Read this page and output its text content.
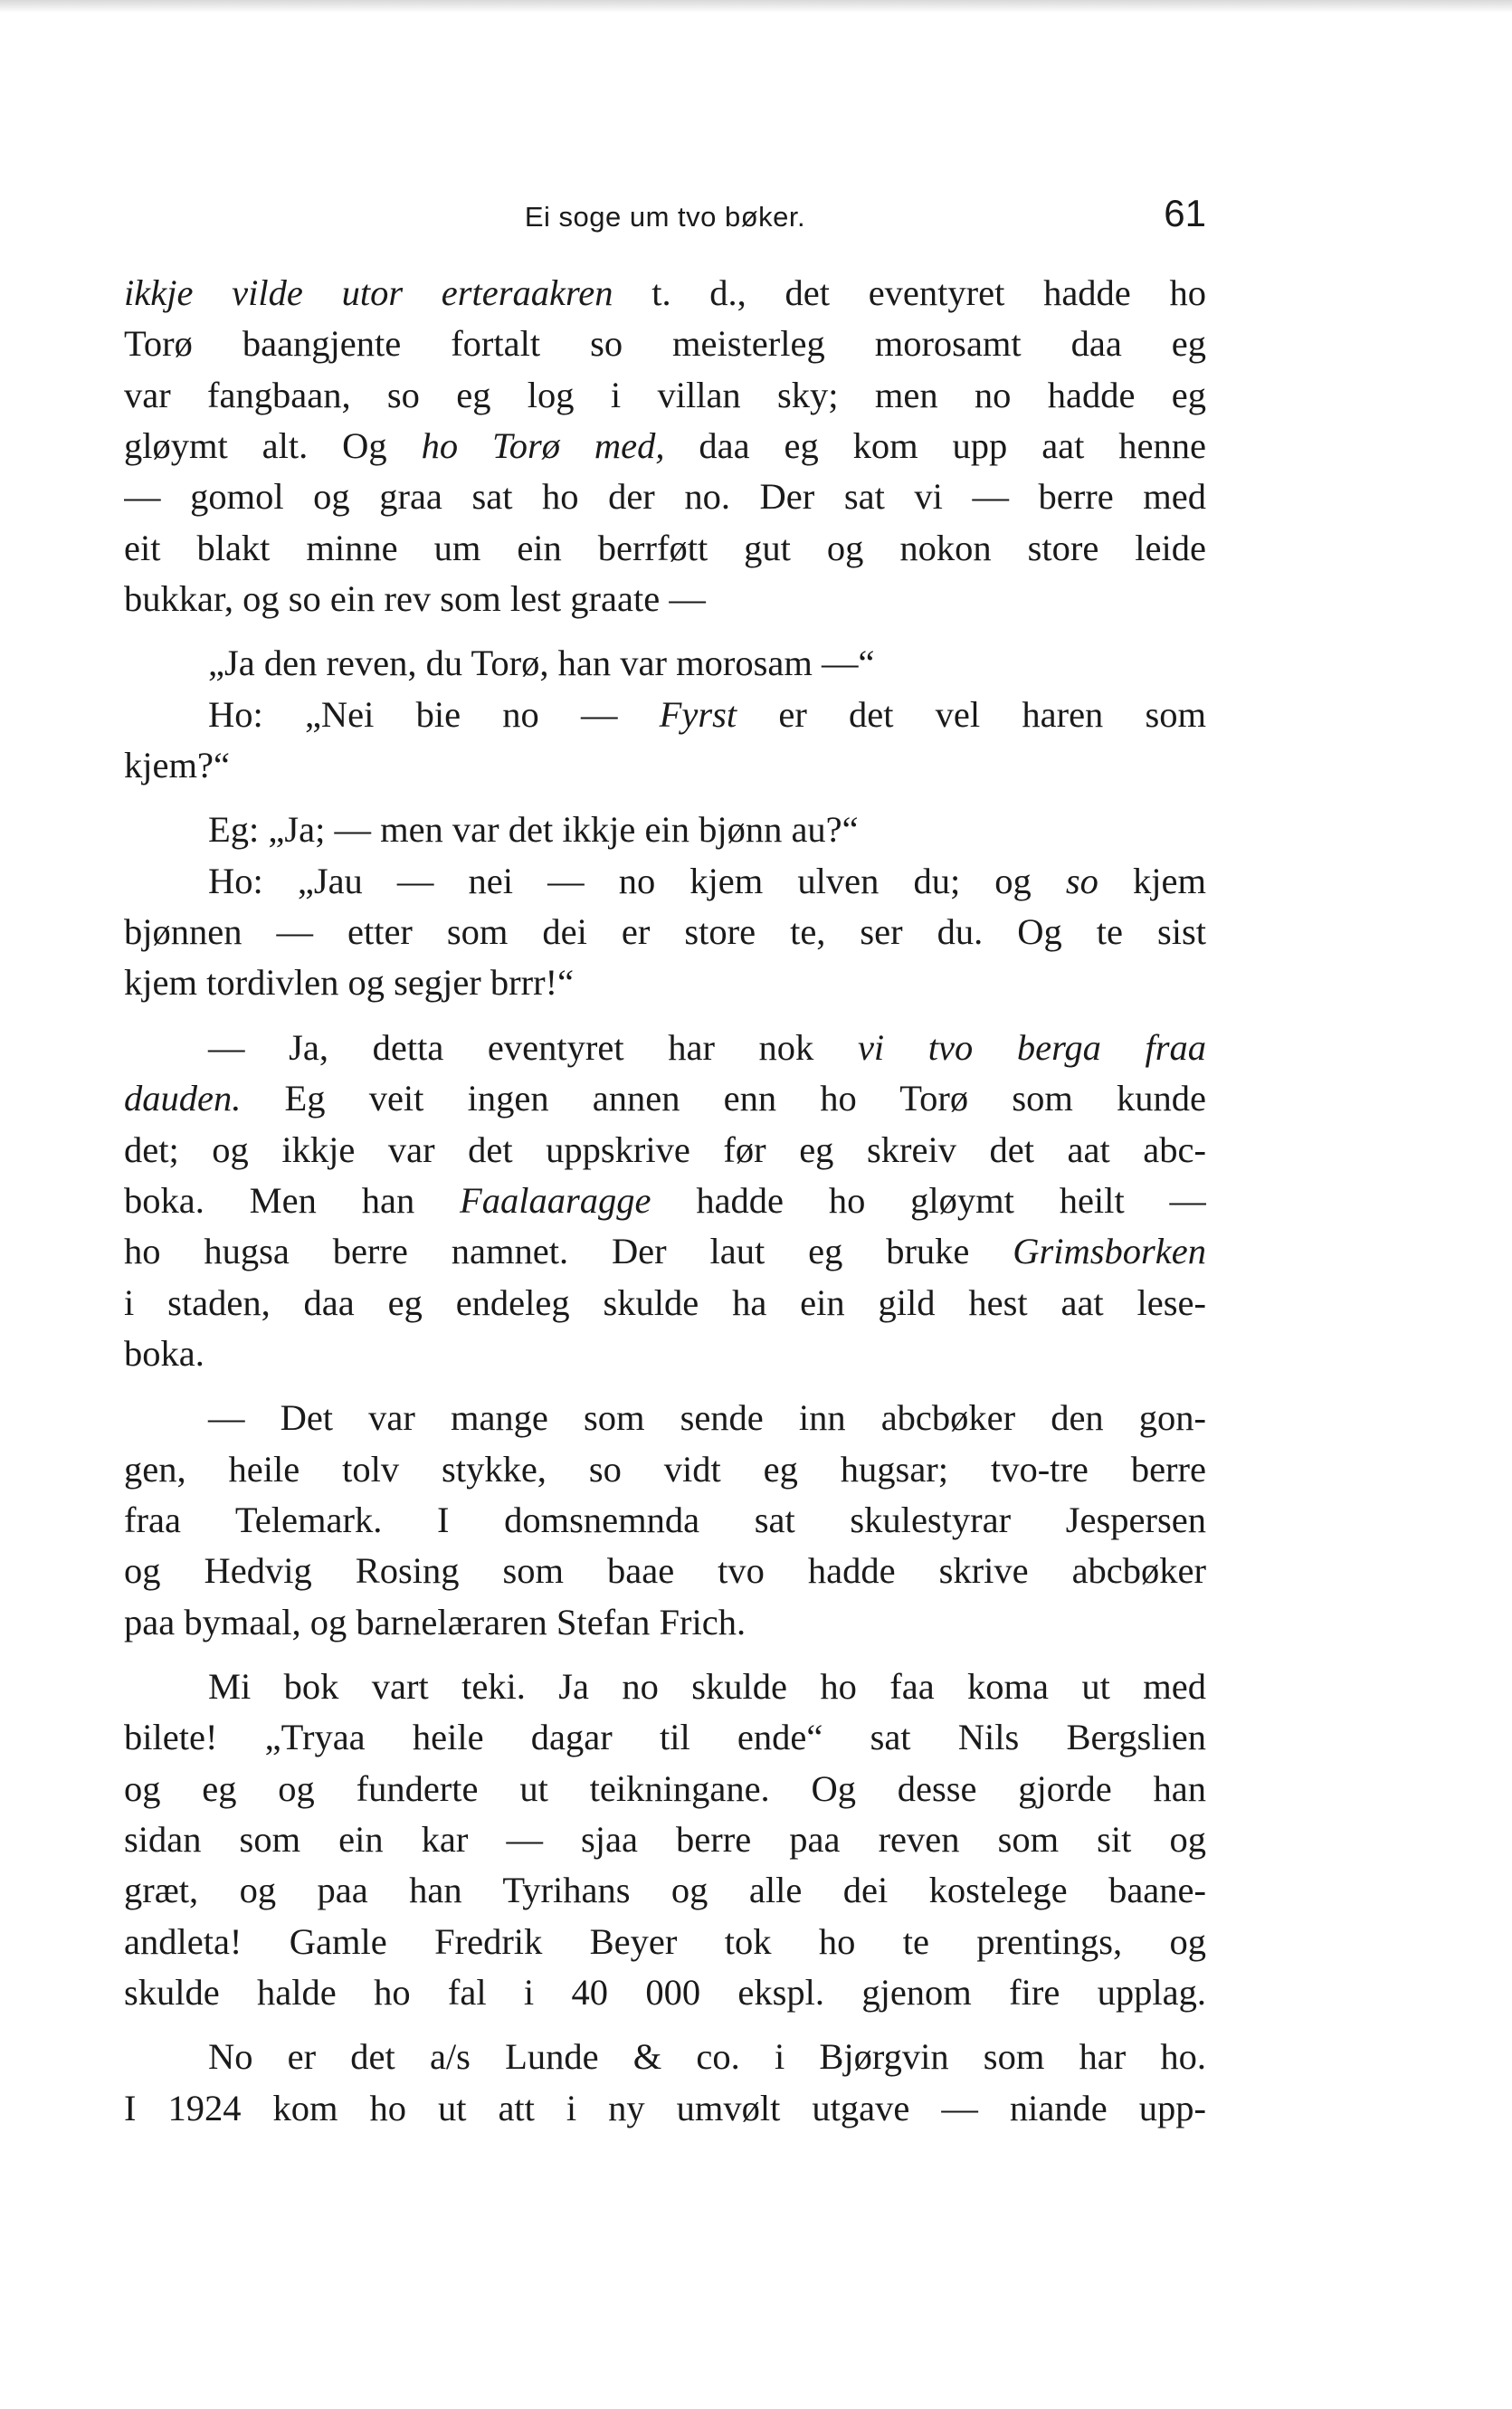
Ei soge um tvo bøker.	61
ikkje vilde utor erteraakren t. d., det eventyret hadde ho
Torø baangjente fortalt so meisterleg morosamt daa eg
var fangbaan, so eg log i villan sky; men no hadde eg
gløymt alt. Og ho Torø med, daa eg kom upp aat henne
— gomol og graa sat ho der no. Der sat vi — berre med
eit blakt minne um ein berrføtt gut og nokon store leide
bukkar, og so ein rev som lest graate —
„Ja den reven, du Torø, han var morosam —“
Ho: „Nei bie no — Fyrst er det vel haren som
kjem?“
Eg: „Ja; — men var det ikkje ein bjønn au?“
Ho: „Jau — nei — no kjem ulven du; og so kjem
bjønnen — etter som dei er store te, ser du. Og te sist
kjem tordivlen og segjer brrr!“
— Ja, detta eventyret har nok vi tvo berga fraa
dauden. Eg veit ingen annen enn ho Torø som kunde
det; og ikkje var det uppskrive før eg skreiv det aat abc-
boka. Men han Faalaaragge hadde ho gløymt heilt —
ho hugsa berre namnet. Der laut eg bruke Grimsborken
i staden, daa eg endeleg skulde ha ein gild hest aat lese-
boka.
— Det var mange som sende inn abcbøker den gon-
gen, heile tolv stykke, so vidt eg hugsar; tvo-tre berre
fraa Telemark. I domsnemnda sat skulestyrar Jespersen
og Hedvig Rosing som baae tvo hadde skrive abcbøker
paa bymaal, og barnelæraren Stefan Frich.
Mi bok vart teki. Ja no skulde ho faa koma ut med
bilete! „Tryaa heile dagar til ende“ sat Nils Bergslien
og eg og funderte ut teikningane. Og desse gjorde han
sidan som ein kar — sjaa berre paa reven som sit og
græt, og paa han Tyrihans og alle dei kostelege baane-
andleta! Gamle Fredrik Beyer tok ho te prentings, og
skulde halde ho fal i 40 000 ekspl. gjenom fire upplag.
No er det a/s Lunde & co. i Bjørgvin som har ho.
I 1924 kom ho ut att i ny umvølt utgave — niande upp-
